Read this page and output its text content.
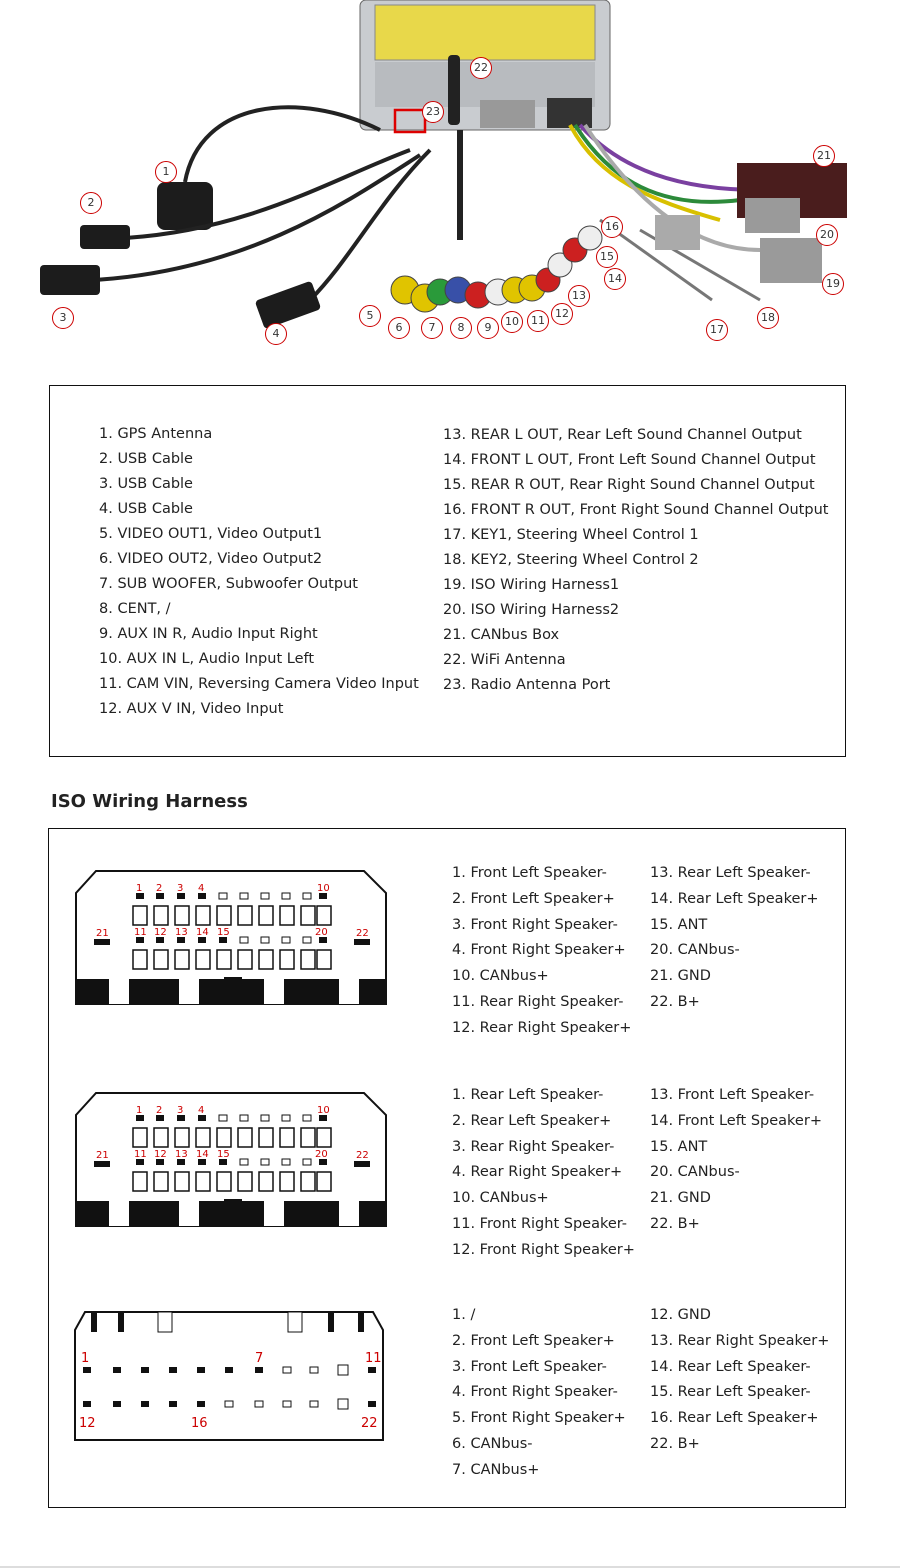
1
2
3
4
5
6	7	8	9	10	11
12
13
14
15
16
17
18
19
20
21
22
23
1. GPS Antenna
2. USB Cable
3. USB Cable
4. USB Cable
5. VIDEO OUT1, Video Output1
6. VIDEO OUT2, Video Output2
7. SUB WOOFER, Subwoofer Output
8. CENT, /
9. AUX IN R, Audio Input Right
10. AUX IN L, Audio Input Left
11. CAM VIN, Reversing Camera Video Input
12. AUX V IN, Video Input
13. REAR L OUT, Rear Left Sound Channel Output
14. FRONT L OUT, Front Left Sound Channel Output
15. REAR R OUT, Rear Right Sound Channel Output
16. FRONT R OUT, Front Right Sound Channel Output
17. KEY1, Steering Wheel Control 1
18. KEY2, Steering Wheel Control 2
19. ISO Wiring Harness1
20. ISO Wiring Harness2
21. CANbus Box
22. WiFi Antenna
23. Radio Antenna Port
ISO Wiring Harness
1 2 3 4	10
11 12 13 14 15	20
21	22
1. Front Left Speaker-
2. Front Left Speaker+
3. Front Right Speaker-
4. Front Right Speaker+
10. CANbus+
11. Rear Right Speaker-
12. Rear Right Speaker+
13. Rear Left Speaker-
14. Rear Left Speaker+
15. ANT
20. CANbus-
21. GND
22. B+
1 2 3 4	10
11 12 13 14 15	20
21	22
1. Rear Left Speaker-
2. Rear Left Speaker+
3. Rear Right Speaker-
4. Rear Right Speaker+
10. CANbus+
11. Front Right Speaker-
12. Front Right Speaker+
13. Front Left Speaker-
14. Front Left Speaker+
15. ANT
20. CANbus-
21. GND
22. B+
1	7	11
12	16	22
1. /
2. Front Left Speaker+
3. Front Left Speaker-
4. Front Right Speaker-
5. Front Right Speaker+
6. CANbus-
7. CANbus+
12. GND
13. Rear Right Speaker+
14. Rear Left Speaker-
15. Rear Left Speaker-
16. Rear Left Speaker+
22. B+
